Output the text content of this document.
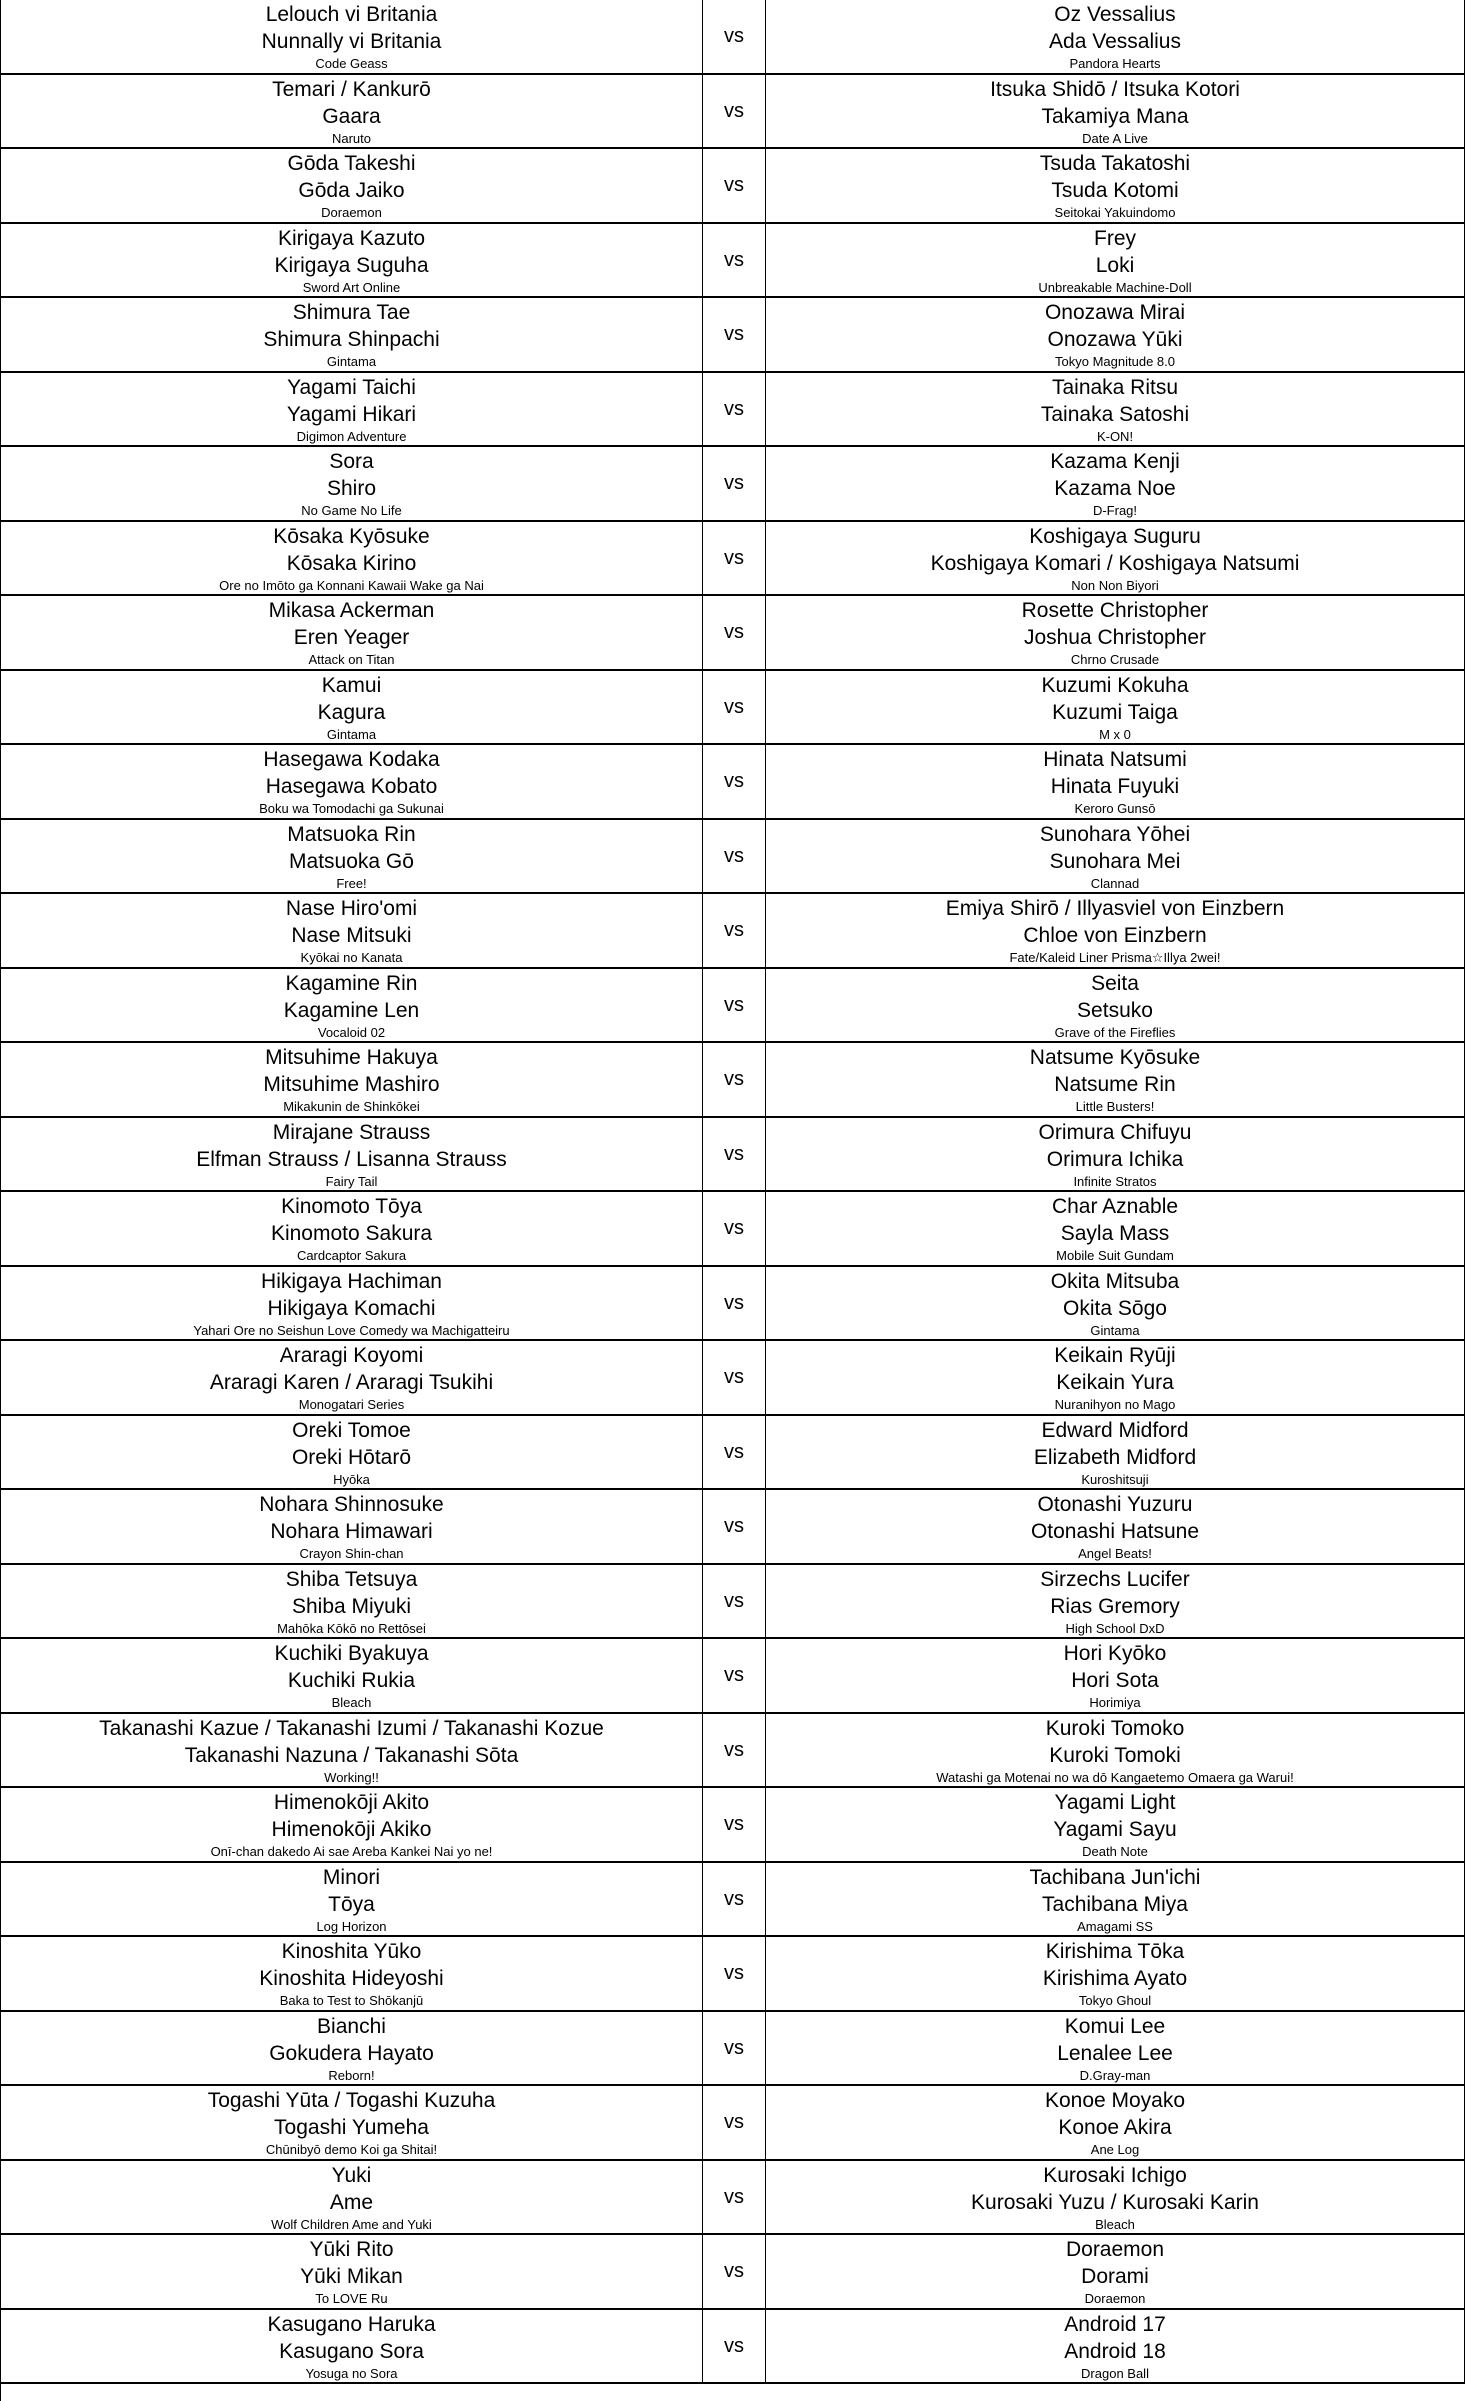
Lelouch vi Britania
Nunnally vi Britania
Code Geass
vs
Oz Vessalius
Ada Vessalius
Pandora Hearts
Temari / Kankurō
Gaara
Naruto
vs
Itsuka Shidō / Itsuka Kotori
Takamiya Mana
Date A Live
Gōda Takeshi
Gōda Jaiko
Doraemon
vs
Tsuda Takatoshi
Tsuda Kotomi
Seitokai Yakuindomo
Kirigaya Kazuto
Kirigaya Suguha
Sword Art Online
vs
Frey
Loki
Unbreakable Machine-Doll
Shimura Tae
Shimura Shinpachi
Gintama
vs
Onozawa Mirai
Onozawa Yūki
Tokyo Magnitude 8.0
Yagami Taichi
Yagami Hikari
Digimon Adventure
vs
Tainaka Ritsu
Tainaka Satoshi
K-ON!
Sora
Shiro
No Game No Life
vs
Kazama Kenji
Kazama Noe
D-Frag!
Kōsaka Kyōsuke
Kōsaka Kirino
Ore no Imōto ga Konnani Kawaii Wake ga Nai
vs
Koshigaya Suguru
Koshigaya Komari / Koshigaya Natsumi
Non Non Biyori
Mikasa Ackerman
Eren Yeager
Attack on Titan
vs
Rosette Christopher
Joshua Christopher
Chrno Crusade
Kamui
Kagura
Gintama
vs
Kuzumi Kokuha
Kuzumi Taiga
M x 0
Hasegawa Kodaka
Hasegawa Kobato
Boku wa Tomodachi ga Sukunai
vs
Hinata Natsumi
Hinata Fuyuki
Keroro Gunsō
Matsuoka Rin
Matsuoka Gō
Free!
vs
Sunohara Yōhei
Sunohara Mei
Clannad
Nase Hiro'omi
Nase Mitsuki
Kyōkai no Kanata
vs
Emiya Shirō / Illyasviel von Einzbern
Chloe von Einzbern
Fate/Kaleid Liner Prisma☆Illya 2wei!
Kagamine Rin
Kagamine Len
Vocaloid 02
vs
Seita
Setsuko
Grave of the Fireflies
Mitsuhime Hakuya
Mitsuhime Mashiro
Mikakunin de Shinkōkei
vs
Natsume Kyōsuke
Natsume Rin
Little Busters!
Mirajane Strauss
Elfman Strauss / Lisanna Strauss
Fairy Tail
vs
Orimura Chifuyu
Orimura Ichika
Infinite Stratos
Kinomoto Tōya
Kinomoto Sakura
Cardcaptor Sakura
vs
Char Aznable
Sayla Mass
Mobile Suit Gundam
Hikigaya Hachiman
Hikigaya Komachi
Yahari Ore no Seishun Love Comedy wa Machigatteiru
vs
Okita Mitsuba
Okita Sōgo
Gintama
Araragi Koyomi
Araragi Karen / Araragi Tsukihi
Monogatari Series
vs
Keikain Ryūji
Keikain Yura
Nuranihyon no Mago
Oreki Tomoe
Oreki Hōtarō
Hyōka
vs
Edward Midford
Elizabeth Midford
Kuroshitsuji
Nohara Shinnosuke
Nohara Himawari
Crayon Shin-chan
vs
Otonashi Yuzuru
Otonashi Hatsune
Angel Beats!
Shiba Tetsuya
Shiba Miyuki
Mahōka Kōkō no Rettōsei
vs
Sirzechs Lucifer
Rias Gremory
High School DxD
Kuchiki Byakuya
Kuchiki Rukia
Bleach
vs
Hori Kyōko
Hori Sota
Horimiya
Takanashi Kazue / Takanashi Izumi / Takanashi Kozue
Takanashi Nazuna / Takanashi Sōta
Working!!
vs
Kuroki Tomoko
Kuroki Tomoki
Watashi ga Motenai no wa dō Kangaetemo Omaera ga Warui!
Himenokōji Akito
Himenokōji Akiko
Onī-chan dakedo Ai sae Areba Kankei Nai yo ne!
vs
Yagami Light
Yagami Sayu
Death Note
Minori
Tōya
Log Horizon
vs
Tachibana Jun'ichi
Tachibana Miya
Amagami SS
Kinoshita Yūko
Kinoshita Hideyoshi
Baka to Test to Shōkanjū
vs
Kirishima Tōka
Kirishima Ayato
Tokyo Ghoul
Bianchi
Gokudera Hayato
Reborn!
vs
Komui Lee
Lenalee Lee
D.Gray-man
Togashi Yūta / Togashi Kuzuha
Togashi Yumeha
Chūnibyō demo Koi ga Shitai!
vs
Konoe Moyako
Konoe Akira
Ane Log
Yuki
Ame
Wolf Children Ame and Yuki
vs
Kurosaki Ichigo
Kurosaki Yuzu / Kurosaki Karin
Bleach
Yūki Rito
Yūki Mikan
To LOVE Ru
vs
Doraemon
Dorami
Doraemon
Kasugano Haruka
Kasugano Sora
Yosuga no Sora
vs
Android 17
Android 18
Dragon Ball
